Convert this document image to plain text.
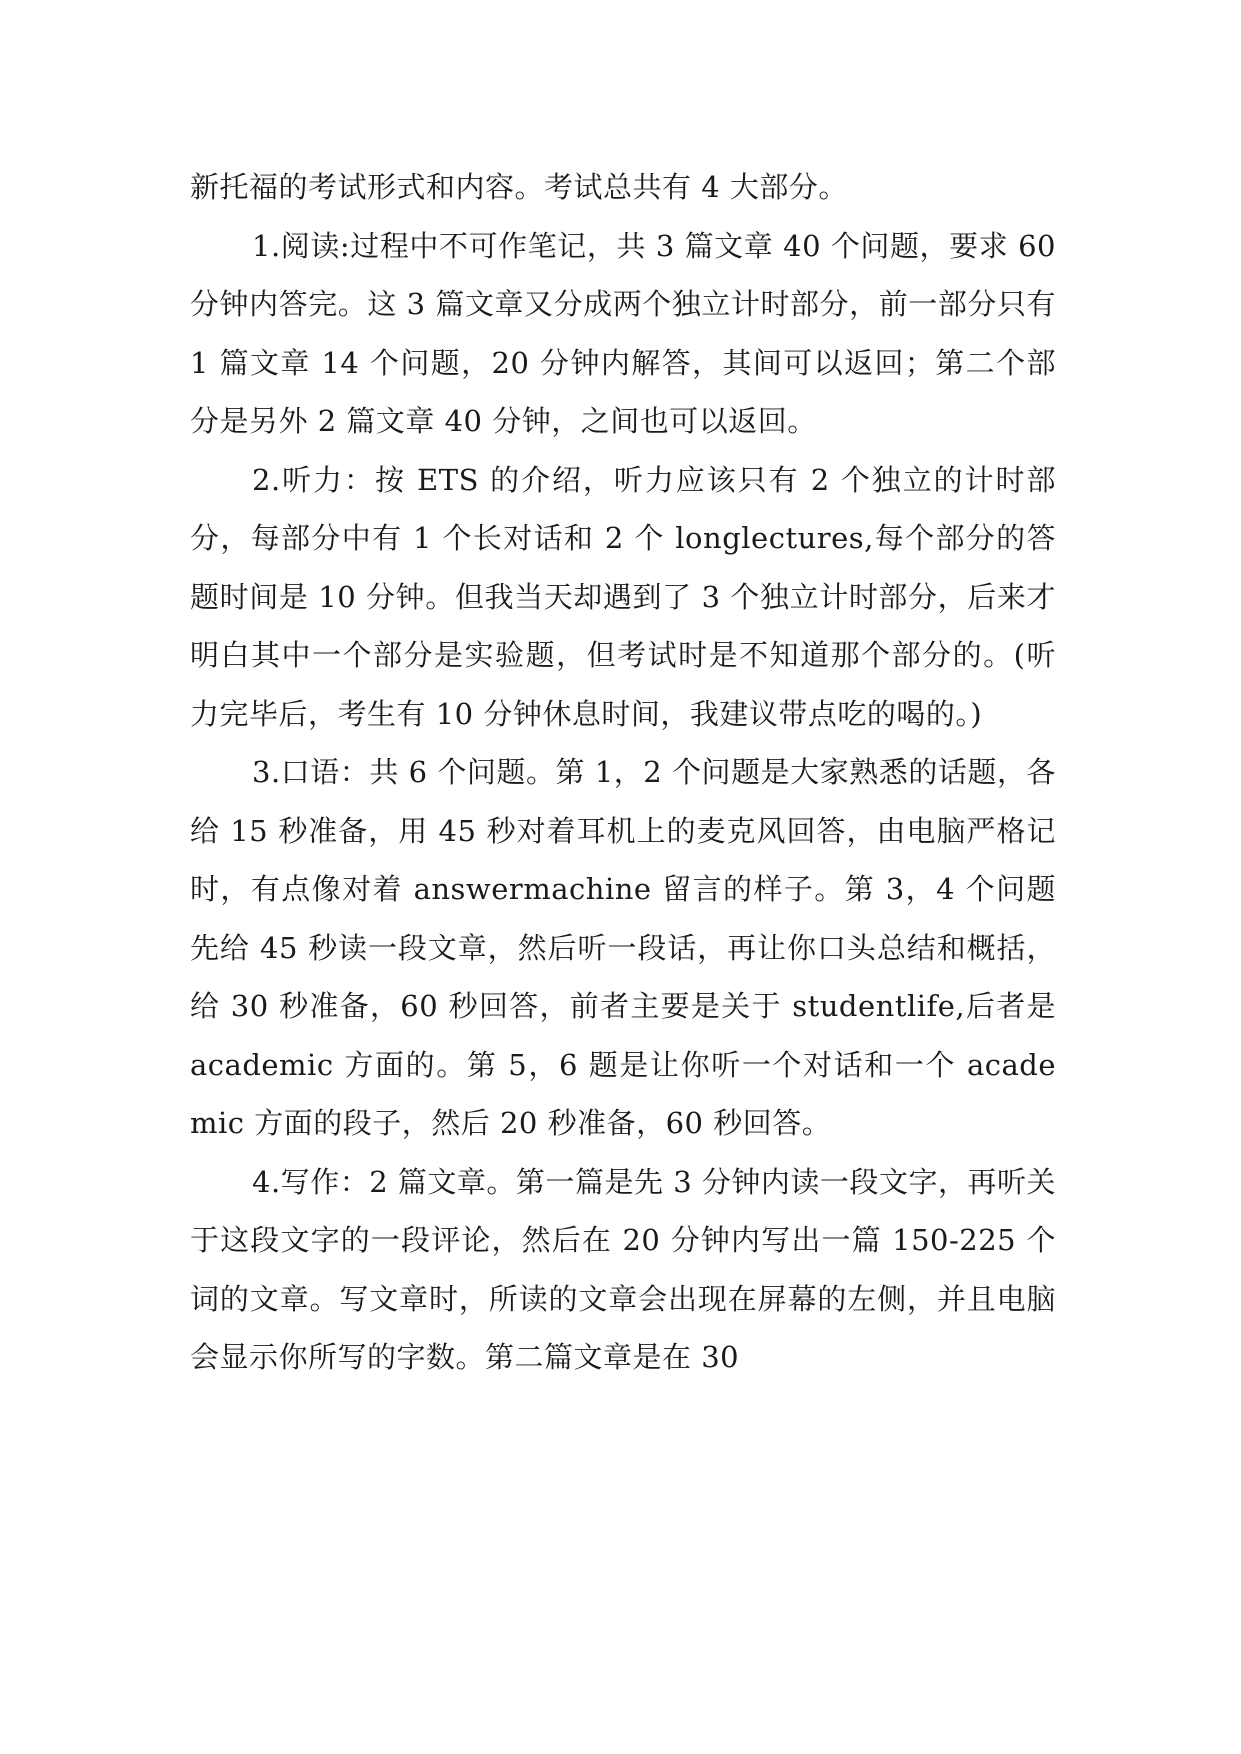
新托福的考试形式和内容。考试总共有 4 大部分。

1.阅读:过程中不可作笔记，共 3 篇文章 40 个问题，要求 60 分钟内答完。这 3 篇文章又分成两个独立计时部分，前一部分只有 1 篇文章 14 个问题，20 分钟内解答，其间可以返回；第二个部分是另外 2 篇文章 40 分钟，之间也可以返回。

2.听力：按 ETS 的介绍，听力应该只有 2 个独立的计时部分，每部分中有 1 个长对话和 2 个 longlectures,每个部分的答题时间是 10 分钟。但我当天却遇到了 3 个独立计时部分，后来才明白其中一个部分是实验题，但考试时是不知道那个部分的。(听力完毕后，考生有 10 分钟休息时间，我建议带点吃的喝的。)

3.口语：共 6 个问题。第 1，2 个问题是大家熟悉的话题，各给 15 秒准备，用 45 秒对着耳机上的麦克风回答，由电脑严格记时，有点像对着 answermachine 留言的样子。第 3，4 个问题先给 45 秒读一段文章，然后听一段话，再让你口头总结和概括，给 30 秒准备，60 秒回答，前者主要是关于 studentlife,后者是 academic 方面的。第 5，6 题是让你听一个对话和一个 academic 方面的段子，然后 20 秒准备，60 秒回答。

4.写作：2 篇文章。第一篇是先 3 分钟内读一段文字，再听关于这段文字的一段评论，然后在 20 分钟内写出一篇 150-225 个词的文章。写文章时，所读的文章会出现在屏幕的左侧，并且电脑会显示你所写的字数。第二篇文章是在 30
